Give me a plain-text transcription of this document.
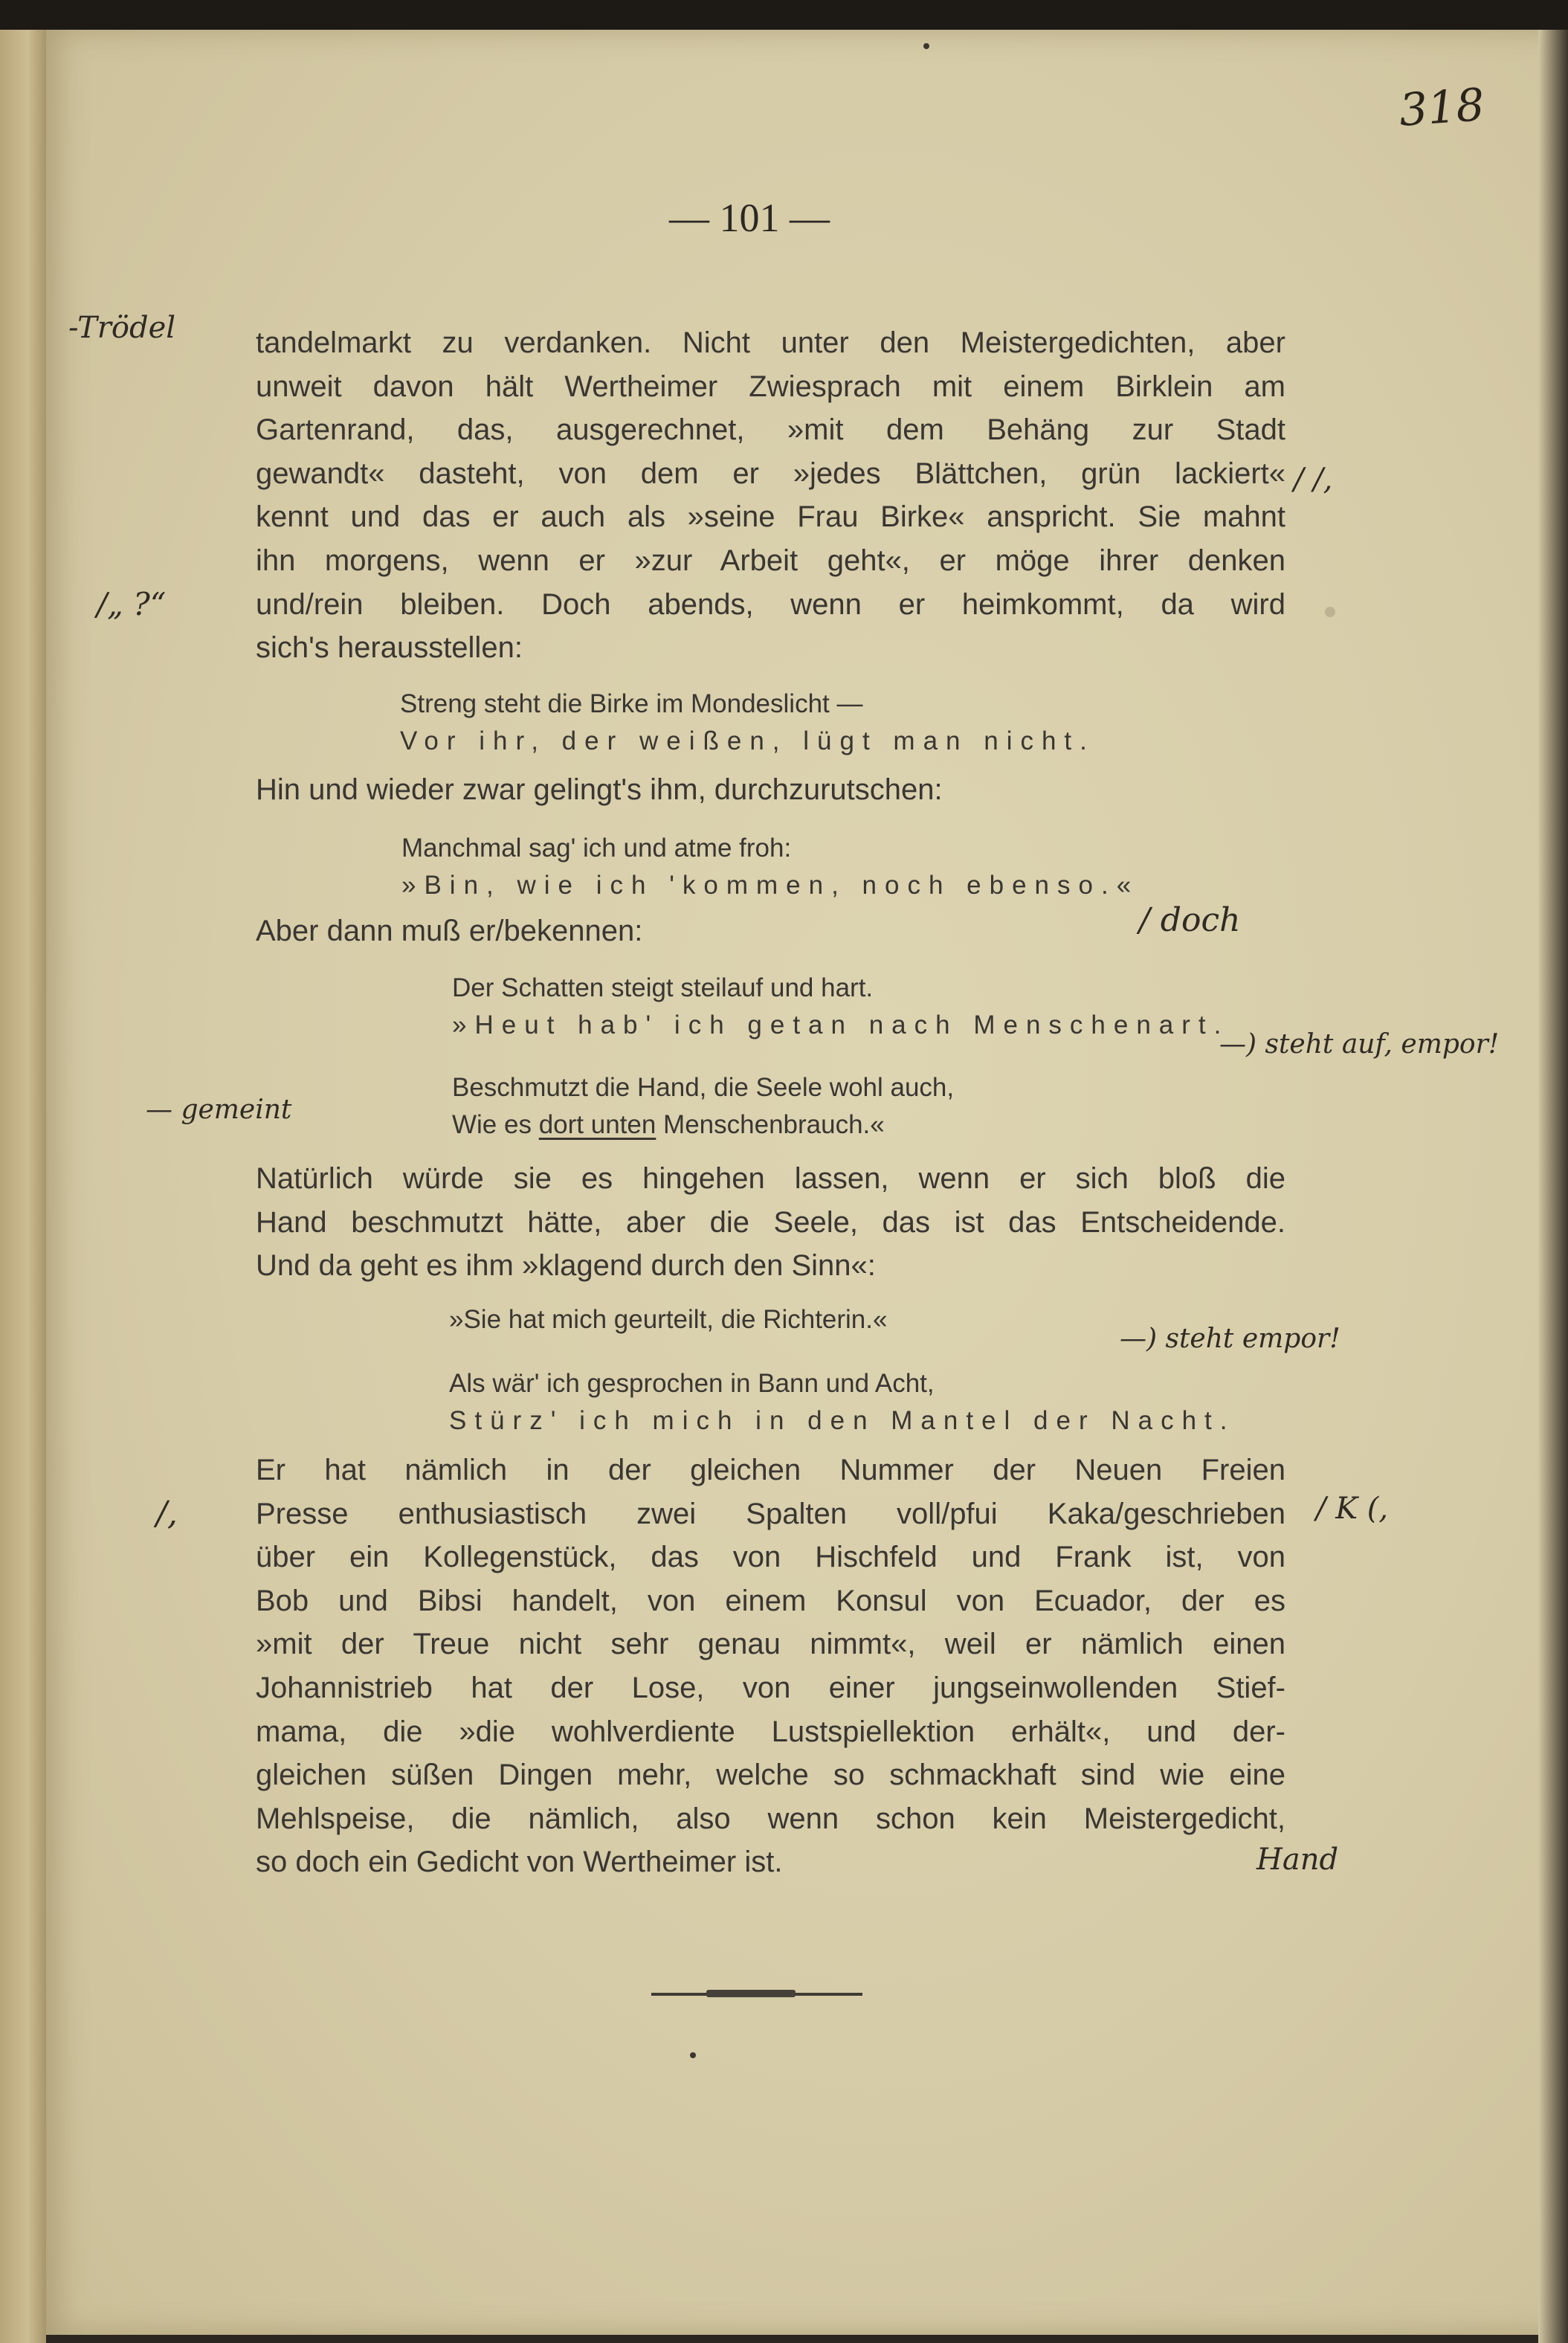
318
— 101 —
tandelmarkt zu verdanken. Nicht unter den Meistergedichten, aber
unweit davon hält Wertheimer Zwiesprach mit einem Birklein am
Gartenrand, das, ausgerechnet, »mit dem Behäng zur Stadt
gewandt« dasteht, von dem er »jedes Blättchen, grün lackiert«
kennt und das er auch als »seine Frau Birke« anspricht. Sie mahnt
ihn morgens, wenn er »zur Arbeit geht«, er möge ihrer denken
und/rein bleiben. Doch abends, wenn er heimkommt, da wird
sich's herausstellen:
Streng steht die Birke im Mondeslicht —
Vor ihr, der weißen, lügt man nicht.
Hin und wieder zwar gelingt's ihm, durchzurutschen:
Manchmal sag' ich und atme froh:
»Bin, wie ich 'kommen, noch ebenso.«
Aber dann muß er/bekennen:
Der Schatten steigt steilauf und hart.
»Heut hab' ich getan nach Menschenart.
Beschmutzt die Hand, die Seele wohl auch,
Wie es dort unten Menschenbrauch.«
Natürlich würde sie es hingehen lassen, wenn er sich bloß die
Hand beschmutzt hätte, aber die Seele, das ist das Entscheidende.
Und da geht es ihm »klagend durch den Sinn«:
»Sie hat mich geurteilt, die Richterin.«
Als wär' ich gesprochen in Bann und Acht,
Stürz' ich mich in den Mantel der Nacht.
Er hat nämlich in der gleichen Nummer der Neuen Freien
Presse enthusiastisch zwei Spalten voll/pfui Kaka/geschrieben
über ein Kollegenstück, das von Hischfeld und Frank ist, von
Bob und Bibsi handelt, von einem Konsul von Ecuador, der es
»mit der Treue nicht sehr genau nimmt«, weil er nämlich einen
Johannistrieb hat der Lose, von einer jungseinwollenden Stief-
mama, die »die wohlverdiente Lustspiellektion erhält«, und der-
gleichen süßen Dingen mehr, welche so schmackhaft sind wie eine
Mehlspeise, die nämlich, also wenn schon kein Meistergedicht,
so doch ein Gedicht von Wertheimer ist.
-Trödel
/„ ?“
/ /,
/ doch
—) steht auf, empor!
— gemeint
—) steht empor!
/,	/ K (,
Hand
